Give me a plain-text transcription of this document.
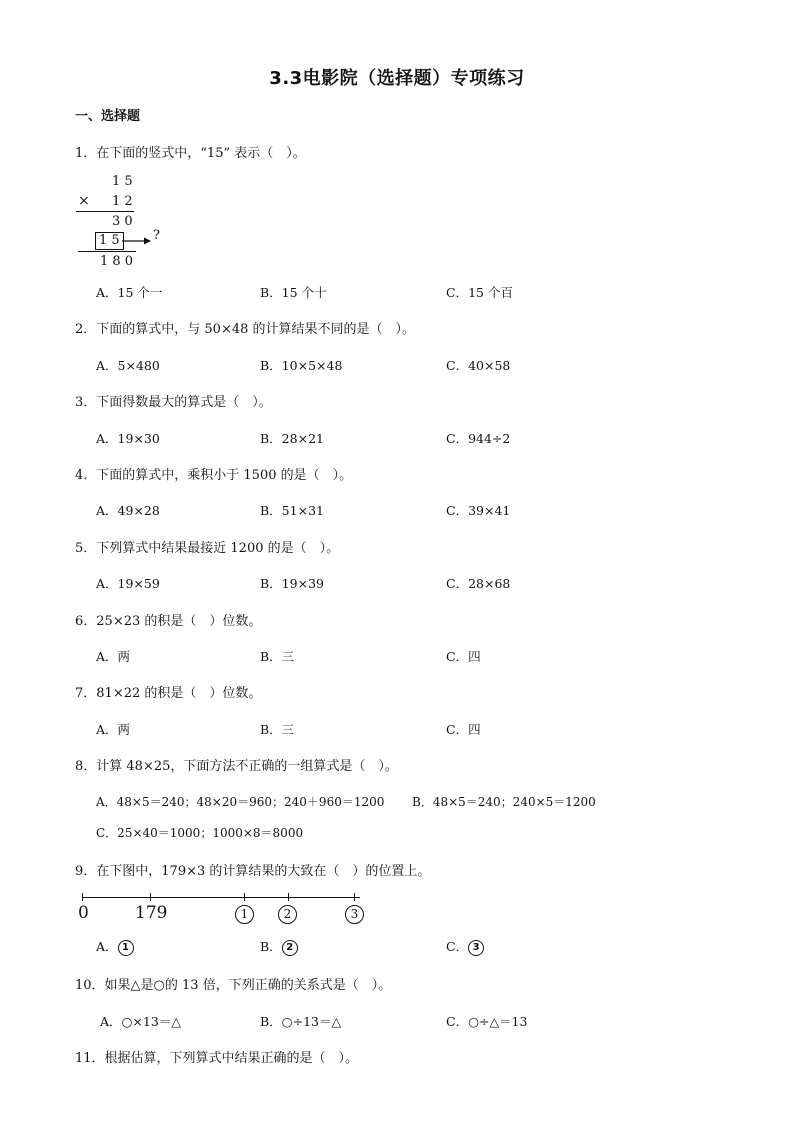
3.3电影院（选择题）专项练习
一、选择题
1．在下面的竖式中，“15” 表示（　）。
1 5
× 1 2
3 0
1 5	?
1 8 0
A．15 个一	B．15 个十	C．15 个百
2．下面的算式中，与 50×48 的计算结果不同的是（　）。
A．5×480	B．10×5×48	C．40×58
3．下面得数最大的算式是（　）。
A．19×30	B．28×21	C．944÷2
4．下面的算式中，乘积小于 1500 的是（　）。
A．49×28	B．51×31	C．39×41
5．下列算式中结果最接近 1200 的是（　）。
A．19×59	B．19×39	C．28×68
6．25×23 的积是（　）位数。
A．两	B．三	C．四
7．81×22 的积是（　）位数。
A．两	B．三	C．四
8．计算 48×25，下面方法不正确的一组算式是（　）。
A．48×5＝240；48×20＝960；240＋960＝1200 B．48×5＝240；240×5＝1200
C．25×40＝1000；1000×8＝8000
9．在下图中，179×3 的计算结果的大致在（　）的位置上。
0	179	1	2	3
A． 1	B． 2	C． 3
10．如果△是○的 13 倍，下列正确的关系式是（　）。
A．○×13＝△	B．○÷13＝△	C．○÷△＝13
11．根据估算，下列算式中结果正确的是（　）。
